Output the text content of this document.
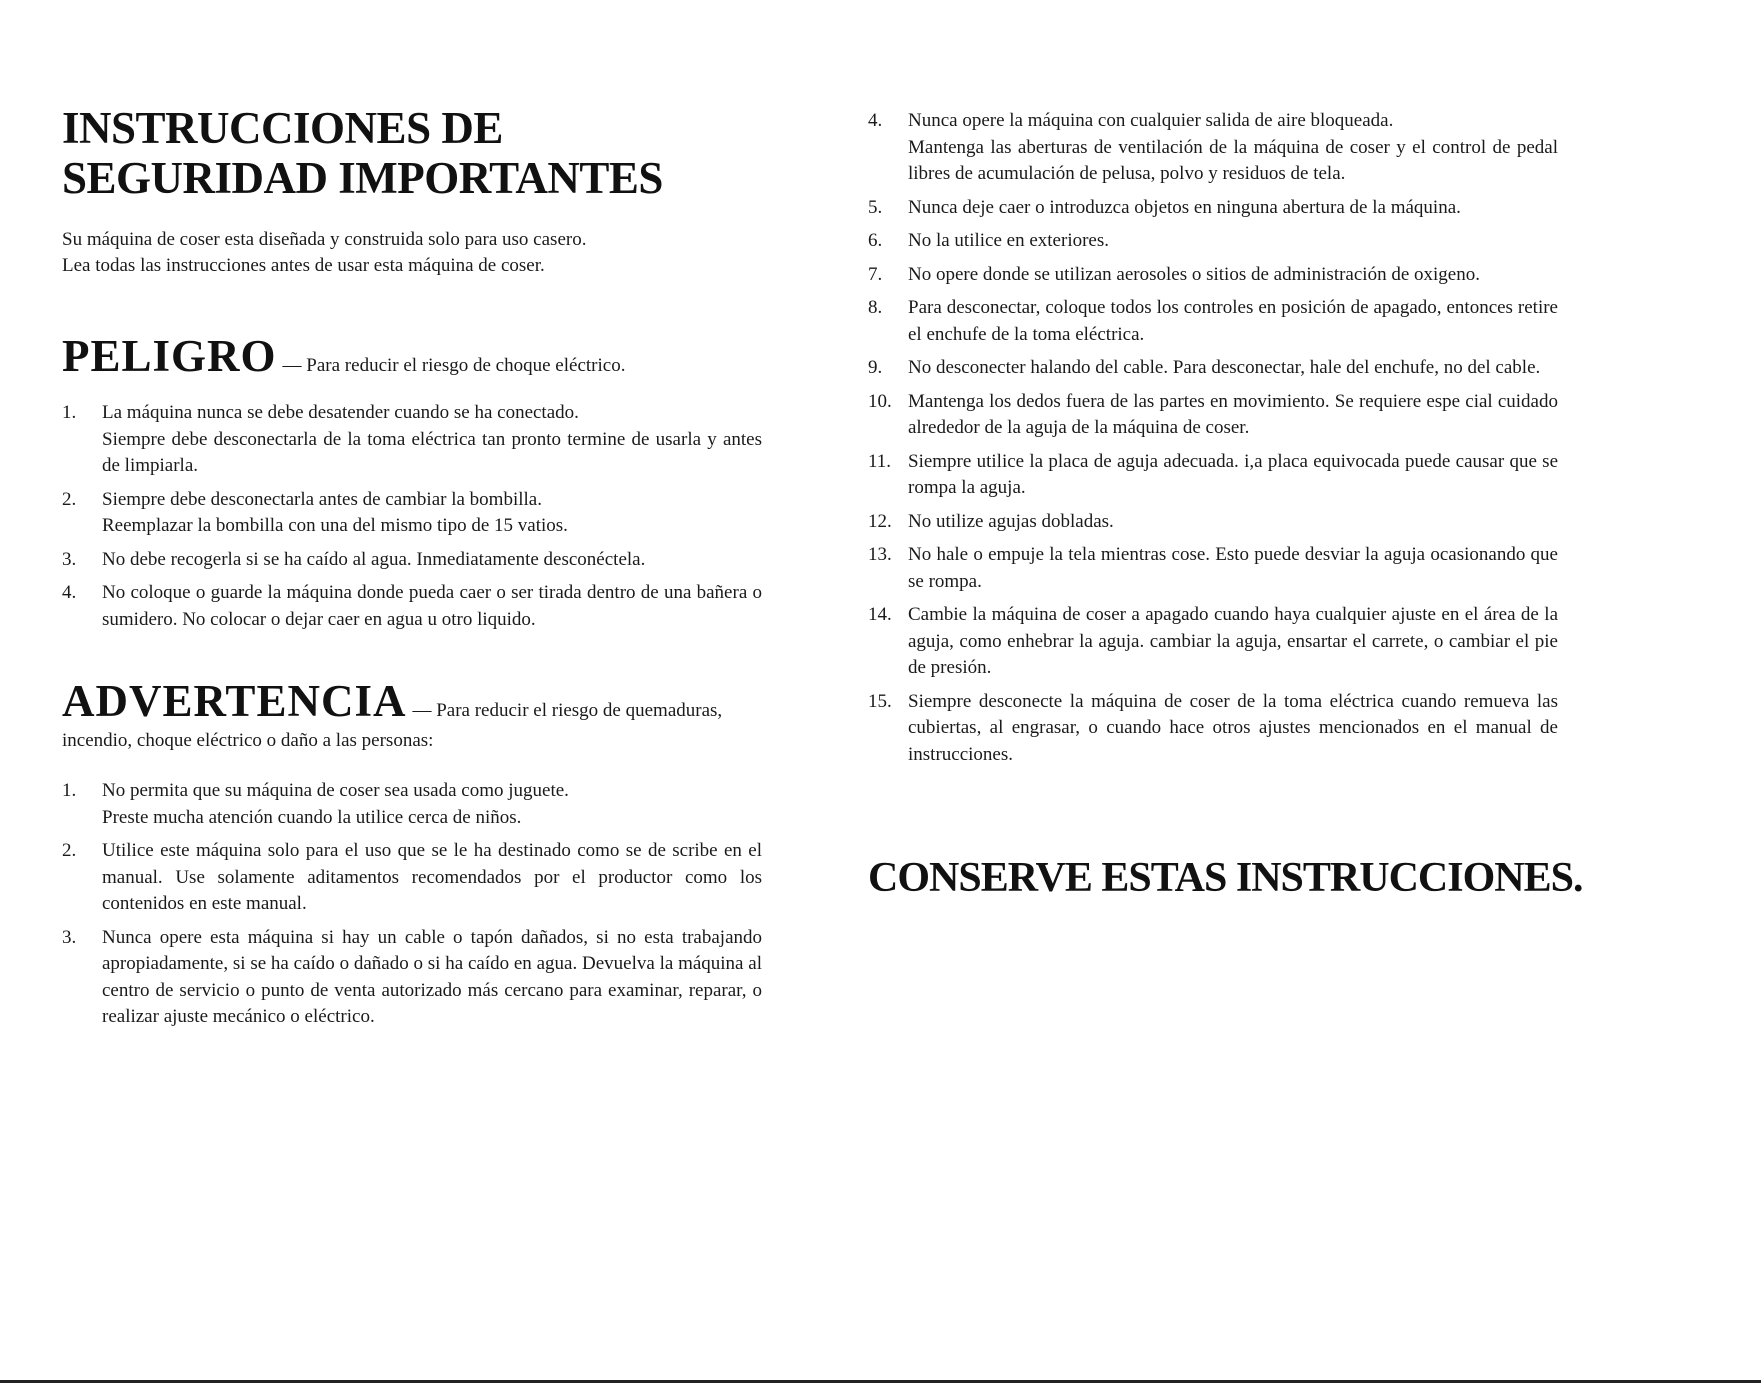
INSTRUCCIONES DE SEGURIDAD IMPORTANTES

Su máquina de coser esta diseñada y construida solo para uso casero.

Lea todas las instrucciones antes de usar esta máquina de coser.

PELIGRO — Para reducir el riesgo de choque eléctrico.
1. La máquina nunca se debe desatender cuando se ha conectado.
Siempre debe desconectarla de la toma eléctrica tan pronto termine de usarla y antes de limpiarla.
2. Siempre debe desconectarla antes de cambiar la bombilla.
Reemplazar la bombilla con una del mismo tipo de 15 vatios.
3. No debe recogerla si se ha caído al agua. Inmediatamente desconéctela.
4. No coloque o guarde la máquina donde pueda caer o ser tirada dentro de una bañera o sumidero. No colocar o dejar caer en agua u otro liquido.
ADVERTENCIA — Para reducir el riesgo de quemaduras,

incendio, choque eléctrico o daño a las personas:

1. No permita que su máquina de coser sea usada como juguete.
Preste mucha atención cuando la utilice cerca de niños.
2. Utilice este máquina solo para el uso que se le ha destinado como se de scribe en el manual. Use solamente aditamentos recomendados por el productor como los contenidos en este manual.
3. Nunca opere esta máquina si hay un cable o tapón dañados, si no esta trabajando apropiadamente, si se ha caído o dañado o si ha caído en agua. Devuelva la máquina al centro de servicio o punto de venta autorizado más cercano para examinar, reparar, o realizar ajuste mecánico o eléctrico.
4. Nunca opere la máquina con cualquier salida de aire bloqueada.
Mantenga las aberturas de ventilación de la máquina de coser y el control de pedal libres de acumulación de pelusa, polvo y residuos de tela.
5. Nunca deje caer o introduzca objetos en ninguna abertura de la máquina.
6. No la utilice en exteriores.
7. No opere donde se utilizan aerosoles o sitios de administración de oxigeno.
8. Para desconectar, coloque todos los controles en posición de apagado, entonces retire el enchufe de la toma eléctrica.
9. No desconecter halando del cable. Para desconectar, hale del enchufe, no del cable.
10. Mantenga los dedos fuera de las partes en movimiento. Se requiere espe cial cuidado alrededor de la aguja de la máquina de coser.
11. Siempre utilice la placa de aguja adecuada. i,a placa equivocada puede causar que se rompa la aguja.
12. No utilize agujas dobladas.
13. No hale o empuje la tela mientras cose. Esto puede desviar la aguja ocasionando que se rompa.
14. Cambie la máquina de coser a apagado cuando haya cualquier ajuste en el área de la aguja, como enhebrar la aguja. cambiar la aguja, ensartar el carrete, o cambiar el pie de presión.
15. Siempre desconecte la máquina de coser de la toma eléctrica cuando remueva las cubiertas, al engrasar, o cuando hace otros ajustes mencionados en el manual de instrucciones.
CONSERVE ESTAS INSTRUCCIONES.
